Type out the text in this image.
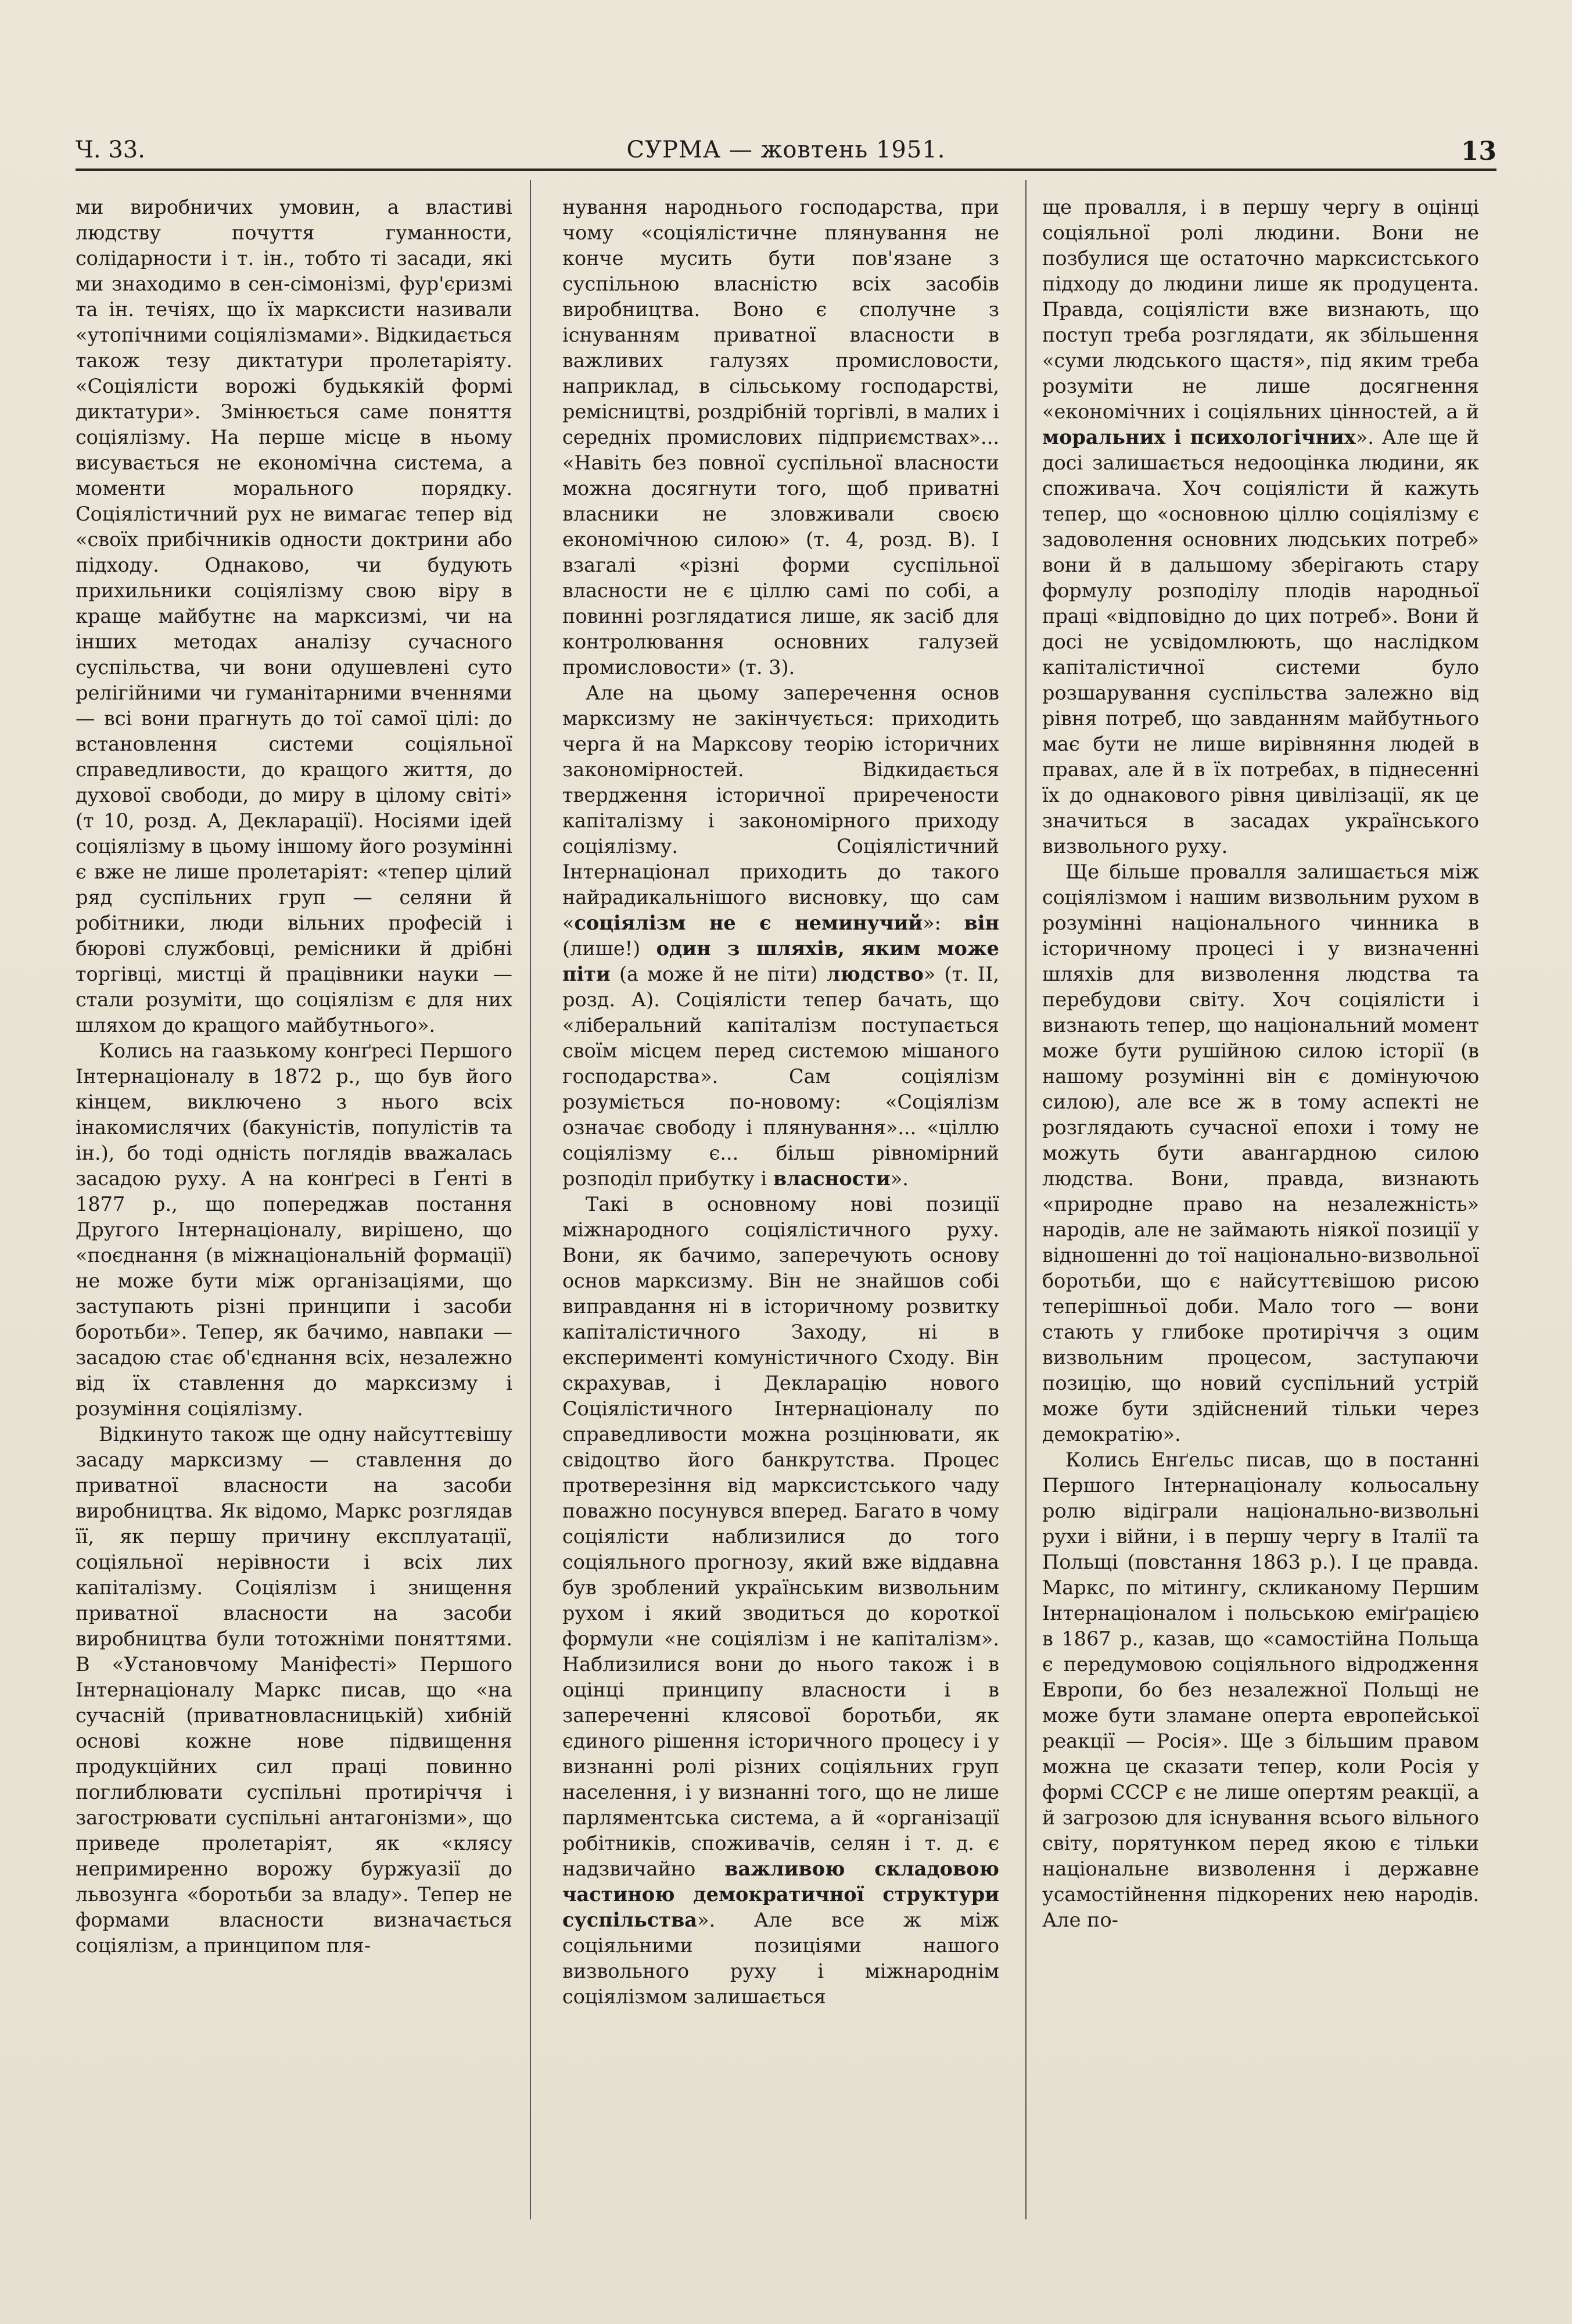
Ч. 33.	СУРМА — жовтень 1951.	13

ми виробничих умовин, а властиві людству почуття гуманности, солідарности і т. ін., тобто ті засади, які ми знаходимо в сен-сімонізмі, фур'єризмі та ін. течіях, що їх марксисти називали «утопічними соціялізмами». Відкидається також тезу диктатури пролетаріяту. «Соціялісти ворожі будькякій формі диктатури». Змінюється саме поняття соціялізму. На перше місце в ньому висувається не економічна система, а моменти морального порядку. Соціялістичний рух не вимагає тепер від «своїх прибічників одности доктрини або підходу. Однаково, чи будують прихильники соціялізму свою віру в краще майбутнє на марксизмі, чи на інших методах аналізу сучасного суспільства, чи вони одушевлені суто релігійними чи гуманітарними вченнями — всі вони прагнуть до тої самої цілі: до встановлення системи соціяльної справедливости, до кращого життя, до духової свободи, до миру в цілому світі» (т 10, розд. А, Декларації). Носіями ідей соціялізму в цьому іншому його розумінні є вже не лише пролетаріят: «тепер цілий ряд суспільних груп — селяни й робітники, люди вільних професій і бюрові службовці, ремісники й дрібні торгівці, мистці й працівники науки — стали розуміти, що соціялізм є для них шляхом до кращого майбутнього».

Колись на гаазькому конґресі Першого Інтернаціоналу в 1872 р., що був його кінцем, виключено з нього всіх інакомислячих (бакуністів, популістів та ін.), бо тодi одність поглядів вважалась засадою руху. А на конґресі в Ґенті в 1877 р., що попереджав постання Другого Інтернаціоналу, вирішено, що «поєднання (в міжнаціональній формації) не може бути між організаціями, що заступають різні принципи і засоби боротьби». Тепер, як бачимо, навпаки — засадою стає об'єднання всіх, незалежно від їх ставлення до марксизму і розуміння соціялізму.

Відкинуто також ще одну найсуттєвішу засаду марксизму — ставлення до приватної власности на засоби виробництва. Як відомо, Маркс розглядав її, як першу причину експлуатації, соціяльної нерівности і всіх лих капіталізму. Соціялізм і знищення приватної власности на засоби виробництва були тотожніми поняттями. В «Установчому Маніфесті» Першого Інтернаціоналу Маркс писав, що «на сучасній (приватновласницькій) хибній основі кожне нове підвищення продукційних сил праці повинно поглиблювати суспільні протиріччя і загострювати суспільні антагонізми», що приведе пролетаріят, як «клясу непримиренно ворожу буржуазії до львозунга «боротьби за владу». Тепер не формами власности визначається соціялізм, а принципом пля-

нування народнього господарства, при чому «соціялістичне плянування не конче мусить бути пов'язане з суспільною власністю всіх засобів виробництва. Воно є сполучне з існуванням приватної власности в важливих галузях промисловости, наприклад, в сільському господарстві, ремісництві, роздрібній торгівлі, в малих і середніх промислових підприємствах»... «Навіть без повної суспільної власности можна досягнути того, щоб приватні власники не зловживали своєю економічною силою» (т. 4, розд. В). І взагалі «різні форми суспільної власности не є ціллю самі по собі, а повинні розглядатися лише, як засіб для контролювання основних галузей промисловости» (т. 3).

Але на цьому заперечення основ марксизму не закінчується: приходить черга й на Марксову теорію історичних закономірностей. Відкидається твердження історичної приречености капіталізму і закономірного приходу соціялізму. Соціялістичний Інтернаціонал приходить до такого найрадикальнішого висновку, що сам «соціялізм не є неминучий»: він (лише!) один з шляхів, яким може піти (а може й не піти) людство» (т. II, розд. А). Соціялісти тепер бачать, що «ліберальний капіталізм поступається своїм місцем перед системою мішаного господарства». Сам соціялізм розуміється по-новому: «Соціялізм означає свободу і плянування»... «ціллю соціялізму є... більш рівномірний розподіл прибутку і власности».

Такі в основному нові позиції міжнародного соціялістичного руху. Вони, як бачимо, заперечують основу основ марксизму. Він не знайшов собі виправдання ні в історичному розвитку капіталістичного Заходу, ні в експерименті комуністичного Сходу. Він скрахував, і Декларацію нового Соціялістичного Інтернаціоналу по справедливости можна розцінювати, як свідоцтво його банкрутства. Процес протверезіння від марксистського чаду поважно посунувся вперед. Багато в чому соціялісти наблизилися до того соціяльного прогнозу, який вже віддавна був зроблений українським визвольним рухом і який зводиться до короткої формули «не соціялізм і не капіталізм». Наблизилися вони до нього також і в оцінці принципу власности і в запереченні клясової боротьби, як єдиного рішення історичного процесу і у визнанні ролі різних соціяльних груп населення, і у визнанні того, що не лише парляментська система, а й «організації робітників, споживачів, селян і т. д. є надзвичайно важливою складовою частиною демократичної структури суспільства». Але все ж між соціяльними позиціями нашого визвольного руху і міжнароднім соціялізмом залишається

ще провалля, і в першу чергу в оцінці соціяльної ролі людини. Вони не позбулися ще остаточно марксистського підходу до людини лише як продуцента. Правда, соціялісти вже визнають, що поступ треба розглядати, як збільшення «суми людського щастя», під яким треба розуміти не лише досягнення «економічних і соціяльних цінностей, а й моральних і психологічних». Але ще й досі залишається недооцінка людини, як споживача. Хоч соціялісти й кажуть тепер, що «основною ціллю соціялізму є задоволення основних людських потреб» вони й в дальшому зберігають стару формулу розподілу плодів народньої праці «відповідно до цих потреб». Вони й досі не усвідомлюють, що наслідком капіталістичної системи було розшарування суспільства залежно від рівня потреб, що завданням майбутнього має бути не лише вирівняння людей в правах, але й в їх потребах, в піднесенні їх до однакового рівня цивілізації, як це значиться в засадах українського визвольного руху.

Ще більше провалля залишається між соціялізмом і нашим визвольним рухом в розумінні національного чинника в історичному процесі і у визначенні шляхів для визволення людства та перебудови світу. Хоч соціялісти і визнають тепер, що національний момент може бути рушійною силою історії (в нашому розумінні він є домінуючою силою), але все ж в тому аспекті не розглядають сучасної епохи і тому не можуть бути авангардною силою людства. Вони, правда, визнають «природне право на незалежність» народів, але не займають ніякої позиції у відношенні до тої національно-визвольної боротьби, що є найсуттєвішою рисою теперішньої доби. Мало того — вони стають у глибоке протиріччя з оцим визвольним процесом, заступаючи позицію, що новий суспільний устрій може бути здійснений тільки через демократію».

Колись Енґельс писав, що в постанні Першого Інтернаціоналу кольосальну ролю відіграли національно-визвольні рухи і війни, і в першу чергу в Італії та Польщі (повстання 1863 р.). І це правда. Маркс, по мітингу, скликаному Першим Інтернаціоналом і польською еміґрацією в 1867 р., казав, що «самостійна Польща є передумовою соціяльного відродження Европи, бо без незалежної Польщі не може бути зламане оперта европейської реакції — Росія». Ще з більшим правом можна це сказати тепер, коли Росія у формі СССР є не лише опертям реакції, а й загрозою для існування всього вільного світу, порятунком перед якою є тільки національне визволення і державне усамостійнення підкорених нею народів. Але по-
